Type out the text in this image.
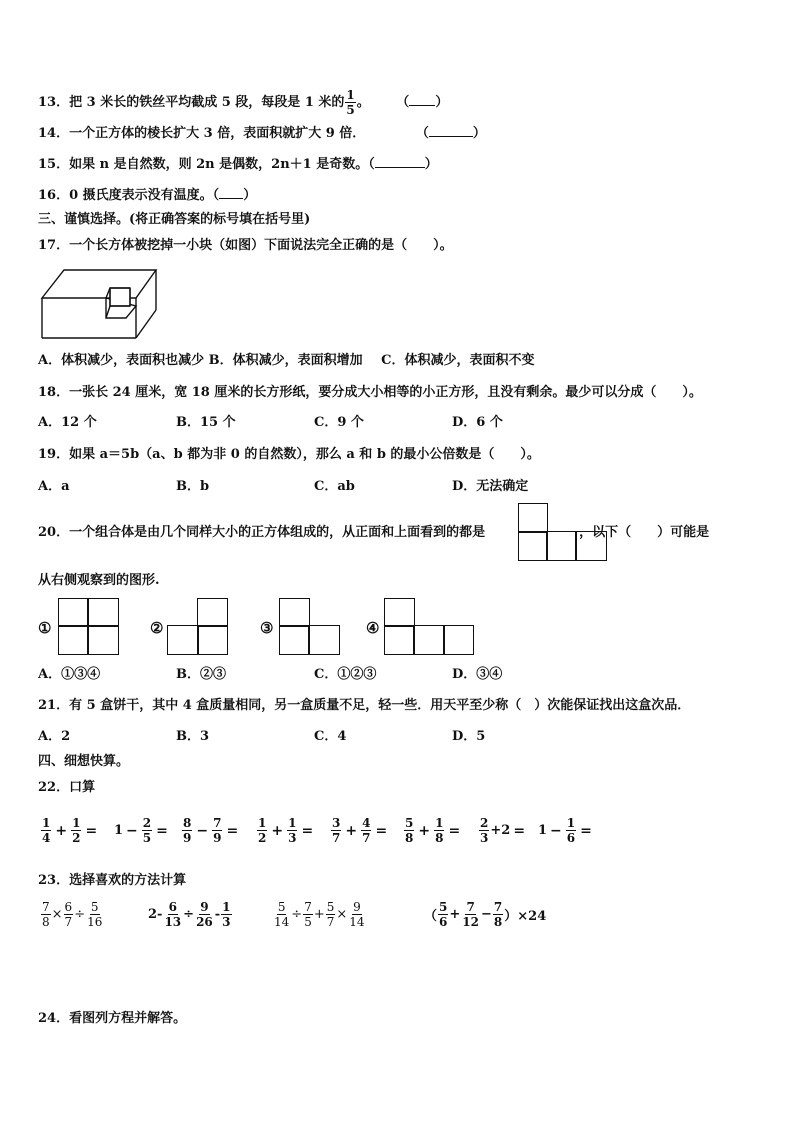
13．把 3 米长的铁丝平均截成 5 段，每段是 1 米的 $\frac{1}{5}$ 。 （ ）
14．一个正方体的棱长扩大 3 倍，表面积就扩大 9 倍．	（	）
15．如果 n 是自然数，则 2n 是偶数，2n＋1 是奇数。（	）
16．0 摄氏度表示没有温度。（ ）
三、谨慎选择。(将正确答案的标号填在括号里)
17．一个长方体被挖掉一小块（如图）下面说法完全正确的是（　　）。
A．体积减少，表面积也减少 B．体积减少，表面积增加 C．体积减少，表面积不变
18．一张长 24 厘米，宽 18 厘米的长方形纸，要分成大小相等的小正方形，且没有剩余。最少可以分成（　　）。
A．12 个	B．15 个	C．9 个	D．6 个
19．如果 a＝5b（a、b 都为非 0 的自然数），那么 a 和 b 的最小公倍数是（　　）。
A．a	B．b	C．ab	D．无法确定
20．一个组合体是由几个同样大小的正方体组成的，从正面和上面看到的都是	，以下（　　）可能是
从右侧观察到的图形.
①	②	③	④
A．①③④	B．②③	C．①②③	D．③④
21．有 5 盒饼干，其中 4 盒质量相同，另一盒质量不足，轻一些．用天平至少称（　）次能保证找出这盒次品．
A．2	B．3	C．4	D．5
四、细想快算。
22．口算
$\frac{1}{4} + \frac{1}{2} = 1 - \frac{2}{5} = \frac{8}{9} - \frac{7}{9} = \frac{1}{2} + \frac{1}{3} = \frac{3}{7} + \frac{4}{7} = \frac{5}{8} + \frac{1}{8} = \frac{2}{3} +2 = 1 - \frac{1}{6}$ =
23．选择喜欢的方法计算
$\frac{7}{8} \times \frac{6}{7} \div \frac{5}{16}$	$2- \frac{6}{13} \div \frac{9}{26} - \frac{1}{3}$	$\frac{5}{14} \div \frac{7}{5} + \frac{5}{7} \times \frac{9}{14}$	（ $\frac{5}{6} + \frac{7}{12} - \frac{7}{8} )\times 24$
24．看图列方程并解答。
